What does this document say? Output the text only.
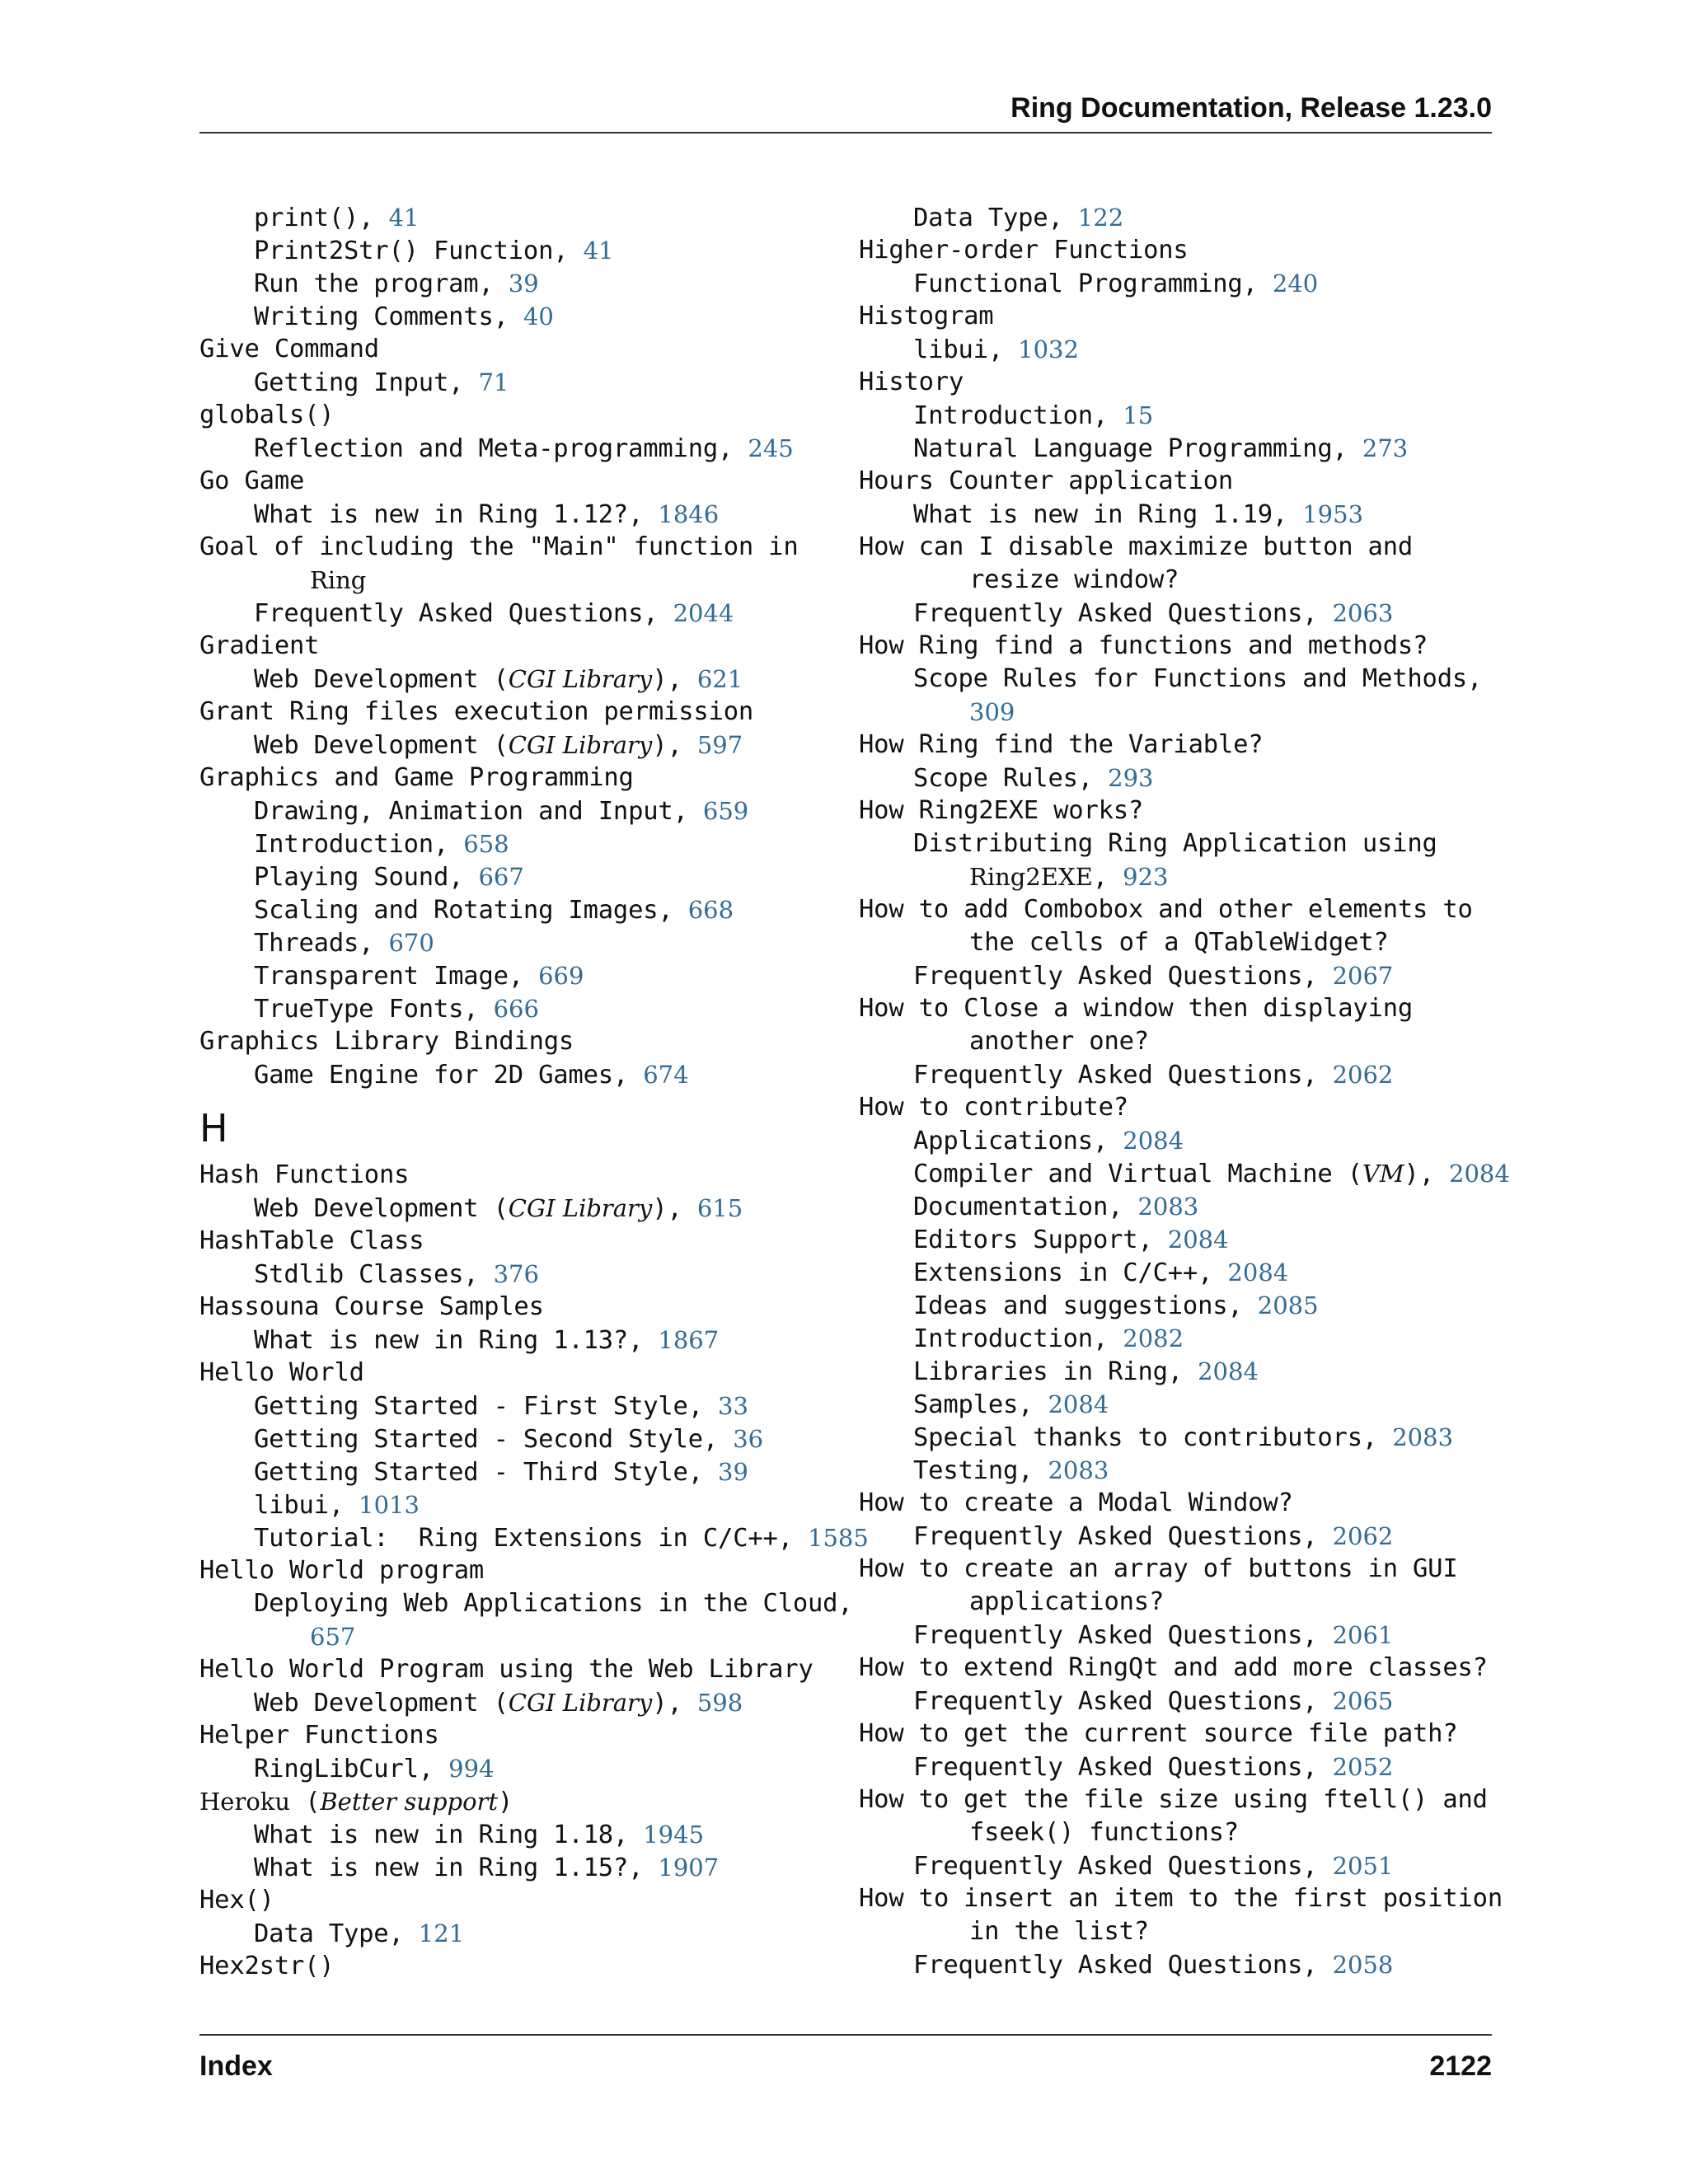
Ring Documentation, Release 1.23.0
print(), 41
Print2Str() Function, 41
Run the program, 39
Writing Comments, 40
Give Command
Getting Input, 71
globals()
Reflection and Meta-programming, 245
Go Game
What is new in Ring 1.12?, 1846
Goal of including the "Main" function in
Ring
Frequently Asked Questions, 2044
Gradient
Web Development (CGI Library), 621
Grant Ring files execution permission
Web Development (CGI Library), 597
Graphics and Game Programming
Drawing, Animation and Input, 659
Introduction, 658
Playing Sound, 667
Scaling and Rotating Images, 668
Threads, 670
Transparent Image, 669
TrueType Fonts, 666
Graphics Library Bindings
Game Engine for 2D Games, 674
H
Hash Functions
Web Development (CGI Library), 615
HashTable Class
Stdlib Classes, 376
Hassouna Course Samples
What is new in Ring 1.13?, 1867
Hello World
Getting Started - First Style, 33
Getting Started - Second Style, 36
Getting Started - Third Style, 39
libui, 1013
Tutorial:  Ring Extensions in C/C++, 1585
Hello World program
Deploying Web Applications in the Cloud,
657
Hello World Program using the Web Library
Web Development (CGI Library), 598
Helper Functions
RingLibCurl, 994
Heroku (Better support)
What is new in Ring 1.18, 1945
What is new in Ring 1.15?, 1907
Hex()
Data Type, 121
Hex2str()
Data Type, 122
Higher-order Functions
Functional Programming, 240
Histogram
libui, 1032
History
Introduction, 15
Natural Language Programming, 273
Hours Counter application
What is new in Ring 1.19, 1953
How can I disable maximize button and
resize window?
Frequently Asked Questions, 2063
How Ring find a functions and methods?
Scope Rules for Functions and Methods,
309
How Ring find the Variable?
Scope Rules, 293
How Ring2EXE works?
Distributing Ring Application using
Ring2EXE, 923
How to add Combobox and other elements to
the cells of a QTableWidget?
Frequently Asked Questions, 2067
How to Close a window then displaying
another one?
Frequently Asked Questions, 2062
How to contribute?
Applications, 2084
Compiler and Virtual Machine (VM), 2084
Documentation, 2083
Editors Support, 2084
Extensions in C/C++, 2084
Ideas and suggestions, 2085
Introduction, 2082
Libraries in Ring, 2084
Samples, 2084
Special thanks to contributors, 2083
Testing, 2083
How to create a Modal Window?
Frequently Asked Questions, 2062
How to create an array of buttons in GUI
applications?
Frequently Asked Questions, 2061
How to extend RingQt and add more classes?
Frequently Asked Questions, 2065
How to get the current source file path?
Frequently Asked Questions, 2052
How to get the file size using ftell() and
fseek() functions?
Frequently Asked Questions, 2051
How to insert an item to the first position
in the list?
Frequently Asked Questions, 2058
Index	2122
